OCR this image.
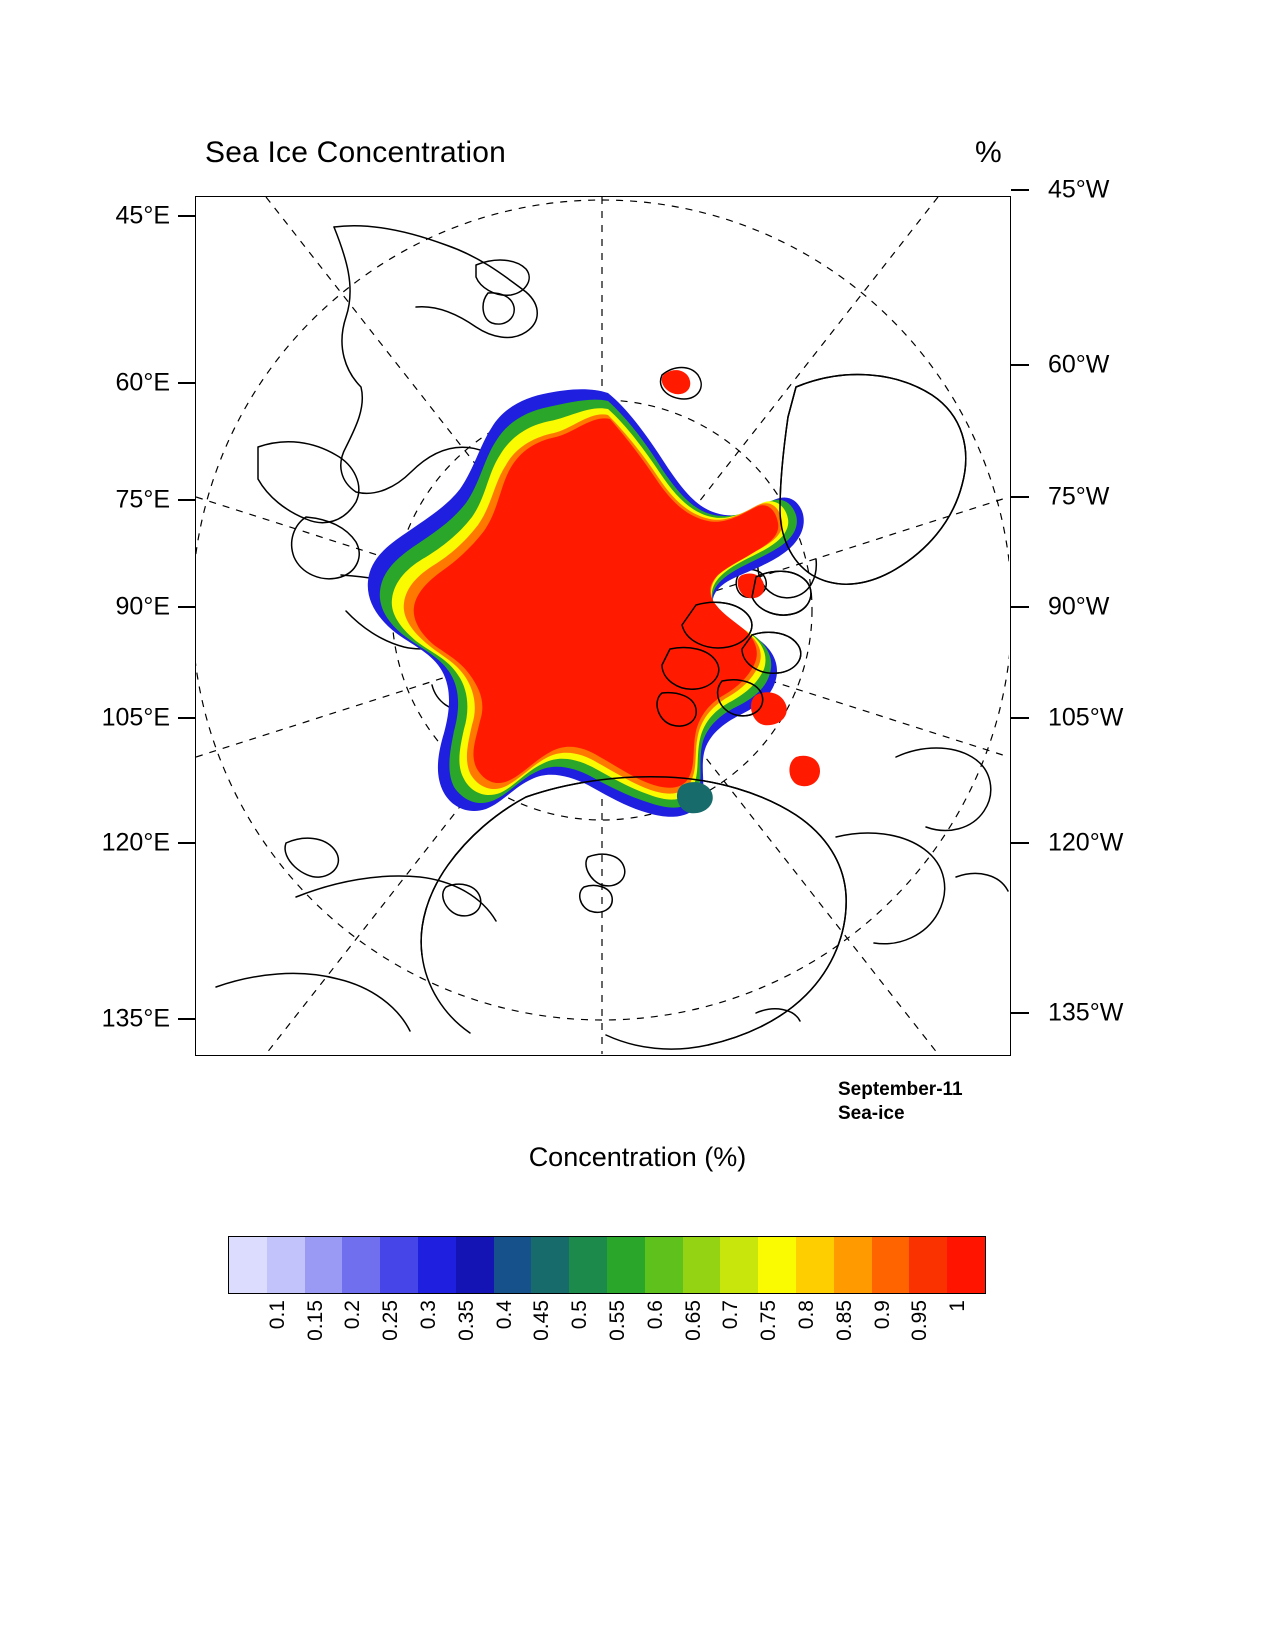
Sea Ice Concentration	%
45°E
60°E
75°E
90°E
105°E
120°E
135°E
45°W
60°W
75°W
90°W
105°W
120°W
135°W
September-11
Sea-ice
Concentration (%)
0.1 0.15 0.2 0.25 0.3 0.35 0.4 0.45 0.5 0.55 0.6 0.65 0.7 0.75 0.8 0.85 0.9 0.95 1
